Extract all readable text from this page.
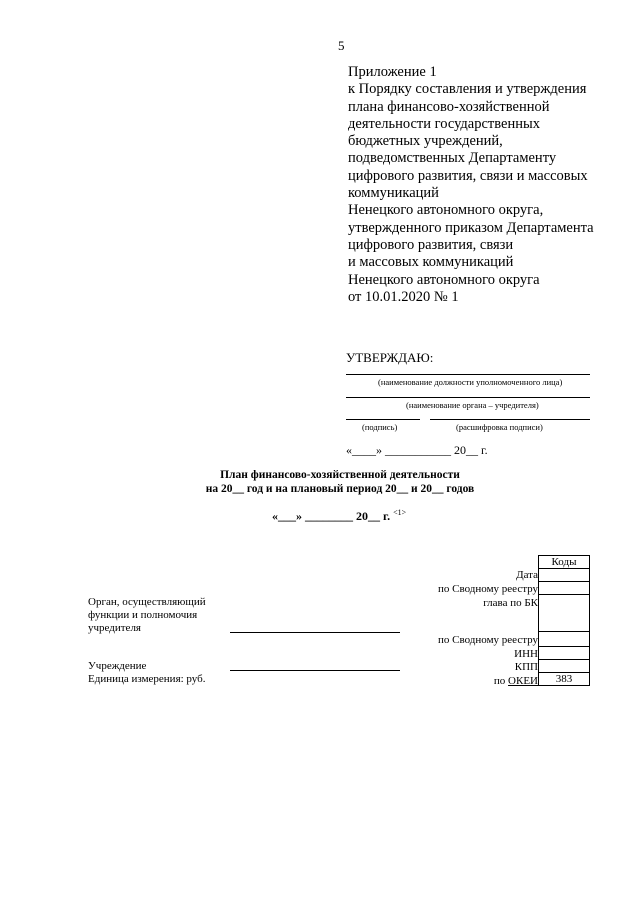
5
Приложение 1
к Порядку составления и утверждения
плана финансово-хозяйственной
деятельности государственных
бюджетных учреждений,
подведомственных Департаменту
цифрового развития, связи и массовых
коммуникаций
Ненецкого автономного округа,
утвержденного приказом Департамента
цифрового развития, связи
и массовых коммуникаций
Ненецкого автономного округа
от 10.01.2020 № 1
УТВЕРЖДАЮ:
(наименование должности уполномоченного лица)
(наименование органа – учредителя)
(подпись)	(расшифровка подписи)
«____» ___________ 20__ г.
План финансово-хозяйственной деятельности
на 20__ год и на плановый период 20__ и 20__ годов
«___» ________ 20__ г. $^{<1>}$
Орган, осуществляющий
функции и полномочия
учредителя
Учреждение
Единица измерения: руб.
Коды
Дата
по Сводному реестру
глава по БК
по Сводному реестру
ИНН
КПП
по ОКЕИ	383
